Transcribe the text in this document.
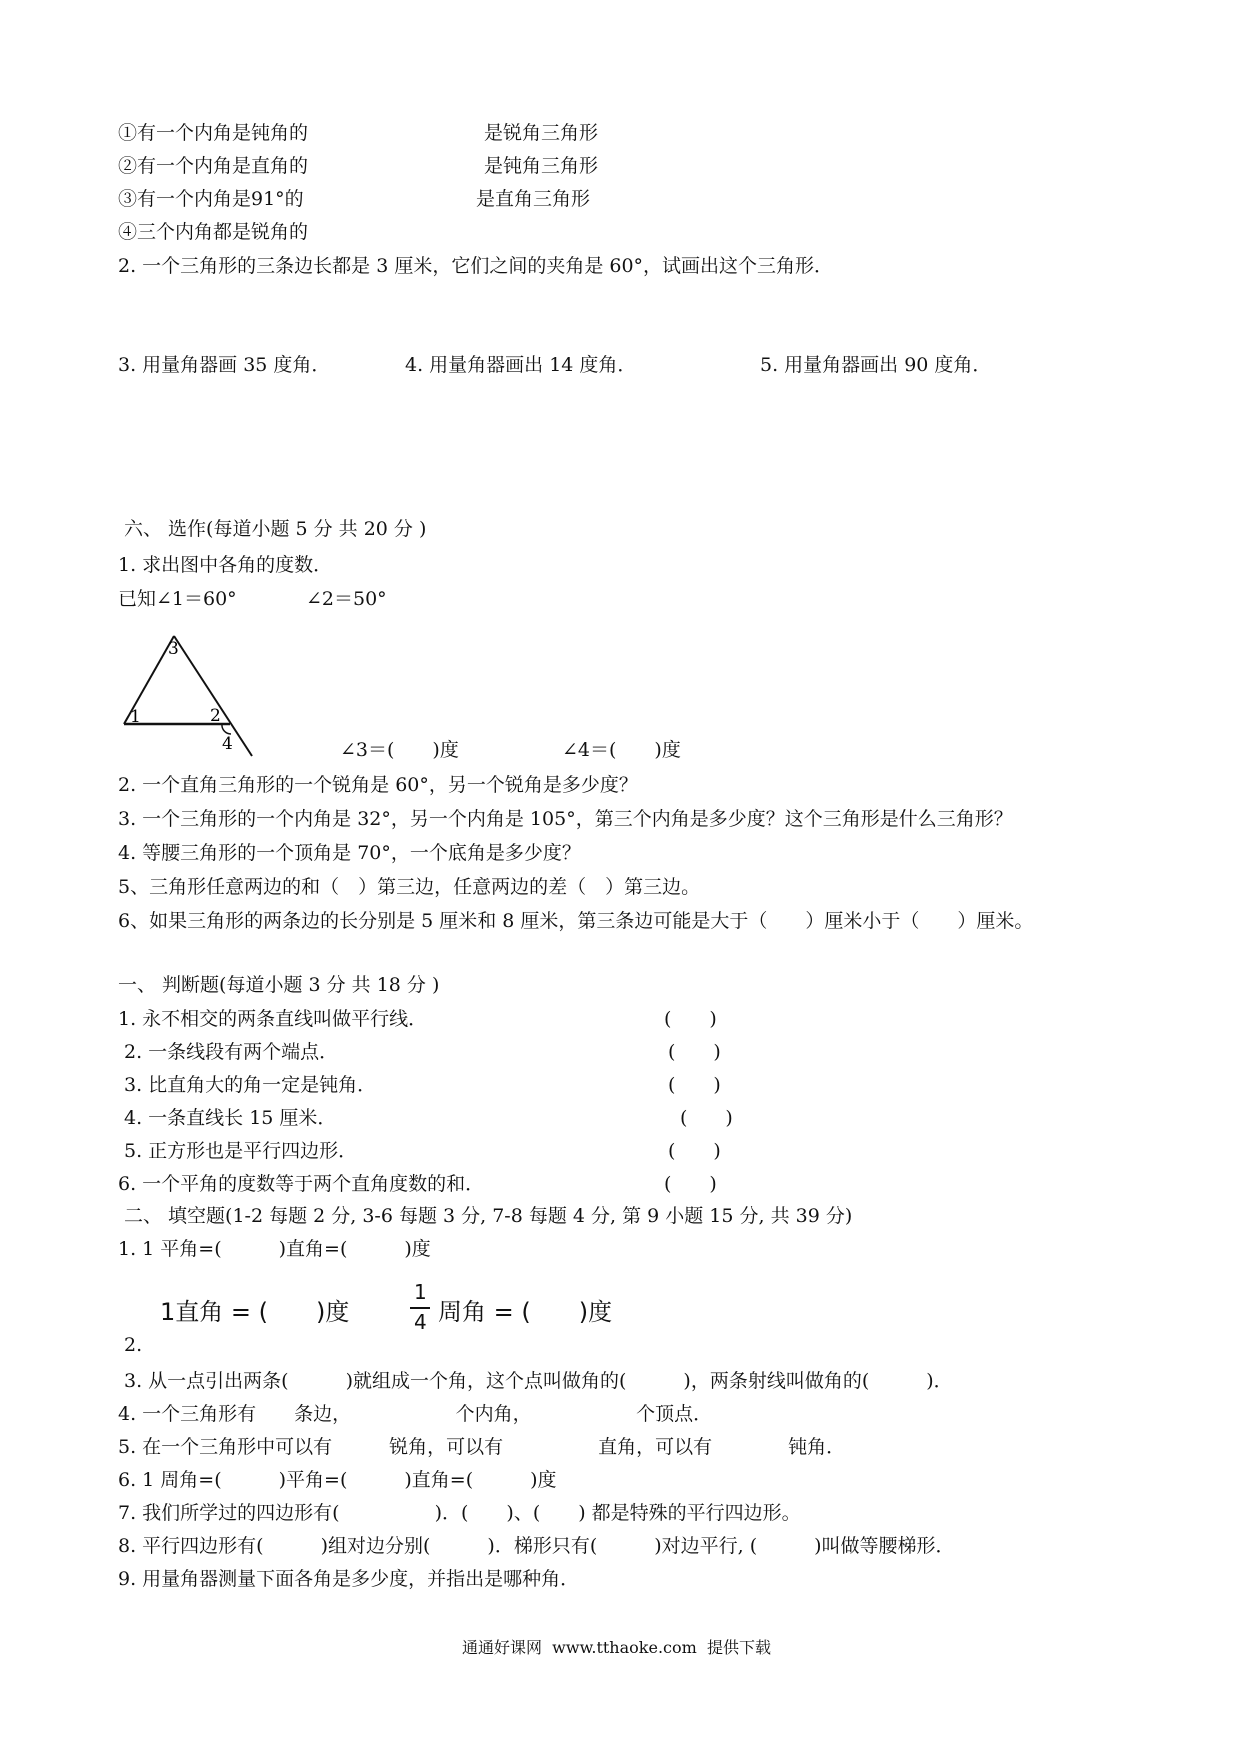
①有一个内角是钝角的	是锐角三角形
②有一个内角是直角的	是钝角三角形
③有一个内角是91°的	是直角三角形
④三个内角都是锐角的
2. 一个三角形的三条边长都是 3 厘米，它们之间的夹角是 60°，试画出这个三角形．
3. 用量角器画 35 度角．	4. 用量角器画出 14 度角．	5. 用量角器画出 90 度角．
六、 选作(每道小题 5 分 共 20 分 )
1. 求出图中各角的度数．
已知∠1＝60°	∠2＝50°
3
1	2
4	∠3＝(　　)度	∠4＝(　　)度
2. 一个直角三角形的一个锐角是 60°，另一个锐角是多少度？
3. 一个三角形的一个内角是 32°，另一个内角是 105°，第三个内角是多少度？这个三角形是什么三角形？
4. 等腰三角形的一个顶角是 70°，一个底角是多少度？
5、三角形任意两边的和（　）第三边，任意两边的差（　）第三边。
6、如果三角形的两条边的长分别是 5 厘米和 8 厘米，第三条边可能是大于（　　）厘米小于（　　）厘米。
一、 判断题(每道小题 3 分 共 18 分 )
1. 永不相交的两条直线叫做平行线．	(　　)
2. 一条线段有两个端点．	(　　)
3. 比直角大的角一定是钝角．	(　　)
4. 一条直线长 15 厘米．	(　　)
5. 正方形也是平行四边形．	(　　)
6. 一个平角的度数等于两个直角度数的和．	(　　)
二、 填空题(1-2 每题 2 分, 3-6 每题 3 分, 7-8 每题 4 分, 第 9 小题 15 分, 共 39 分)
1. 1 平角=(　　　)直角=(　　　)度
1直角 = (　　)度
1
4 周角 = (　　)度
2.
3. 从一点引出两条(　　　)就组成一个角，这个点叫做角的(　　　)，两条射线叫做角的(　　　)．
4. 一个三角形有　　条边，　　　　　　个内角，　　　　　　个顶点．
5. 在一个三角形中可以有　　　锐角，可以有　　　　　直角，可以有　　　　钝角．
6. 1 周角=(　　　)平角=(　　　)直角=(　　　)度
7. 我们所学过的四边形有(　　　　　)．(　　)、(　　) 都是特殊的平行四边形。
8. 平行四边形有(　　　)组对边分别(　　　)．梯形只有(　　　)对边平行, (　　　)叫做等腰梯形．
9. 用量角器测量下面各角是多少度，并指出是哪种角．
通通好课网  www.tthaoke.com  提供下载
